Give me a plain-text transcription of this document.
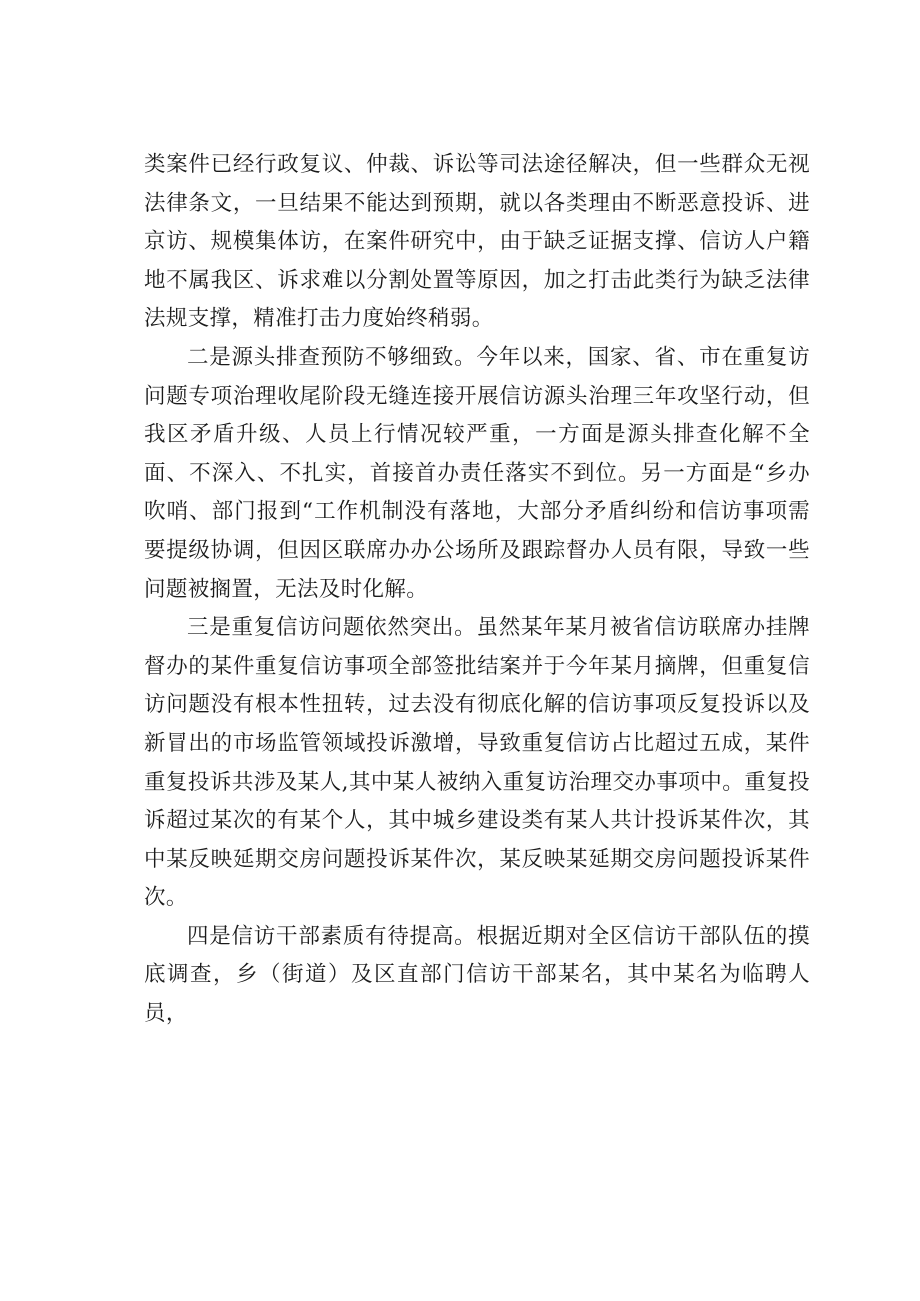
类案件已经行政复议、仲裁、诉讼等司法途径解决，但一些群众无视法律条文，一旦结果不能达到预期，就以各类理由不断恶意投诉、进京访、规模集体访，在案件研究中，由于缺乏证据支撑、信访人户籍地不属我区、诉求难以分割处置等原因，加之打击此类行为缺乏法律法规支撑，精准打击力度始终稍弱。

二是源头排查预防不够细致。今年以来，国家、省、市在重复访问题专项治理收尾阶段无缝连接开展信访源头治理三年攻坚行动，但我区矛盾升级、人员上行情况较严重，一方面是源头排查化解不全面、不深入、不扎实，首接首办责任落实不到位。另一方面是“乡办吹哨、部门报到“工作机制没有落地，大部分矛盾纠纷和信访事项需要提级协调，但因区联席办办公场所及跟踪督办人员有限，导致一些问题被搁置，无法及时化解。

三是重复信访问题依然突出。虽然某年某月被省信访联席办挂牌督办的某件重复信访事项全部签批结案并于今年某月摘牌，但重复信访问题没有根本性扭转，过去没有彻底化解的信访事项反复投诉以及新冒出的市场监管领域投诉激增，导致重复信访占比超过五成，某件重复投诉共涉及某人,其中某人被纳入重复访治理交办事项中。重复投诉超过某次的有某个人，其中城乡建设类有某人共计投诉某件次，其中某反映延期交房问题投诉某件次，某反映某延期交房问题投诉某件次。

四是信访干部素质有待提高。根据近期对全区信访干部队伍的摸底调查，乡（街道）及区直部门信访干部某名，其中某名为临聘人员，
